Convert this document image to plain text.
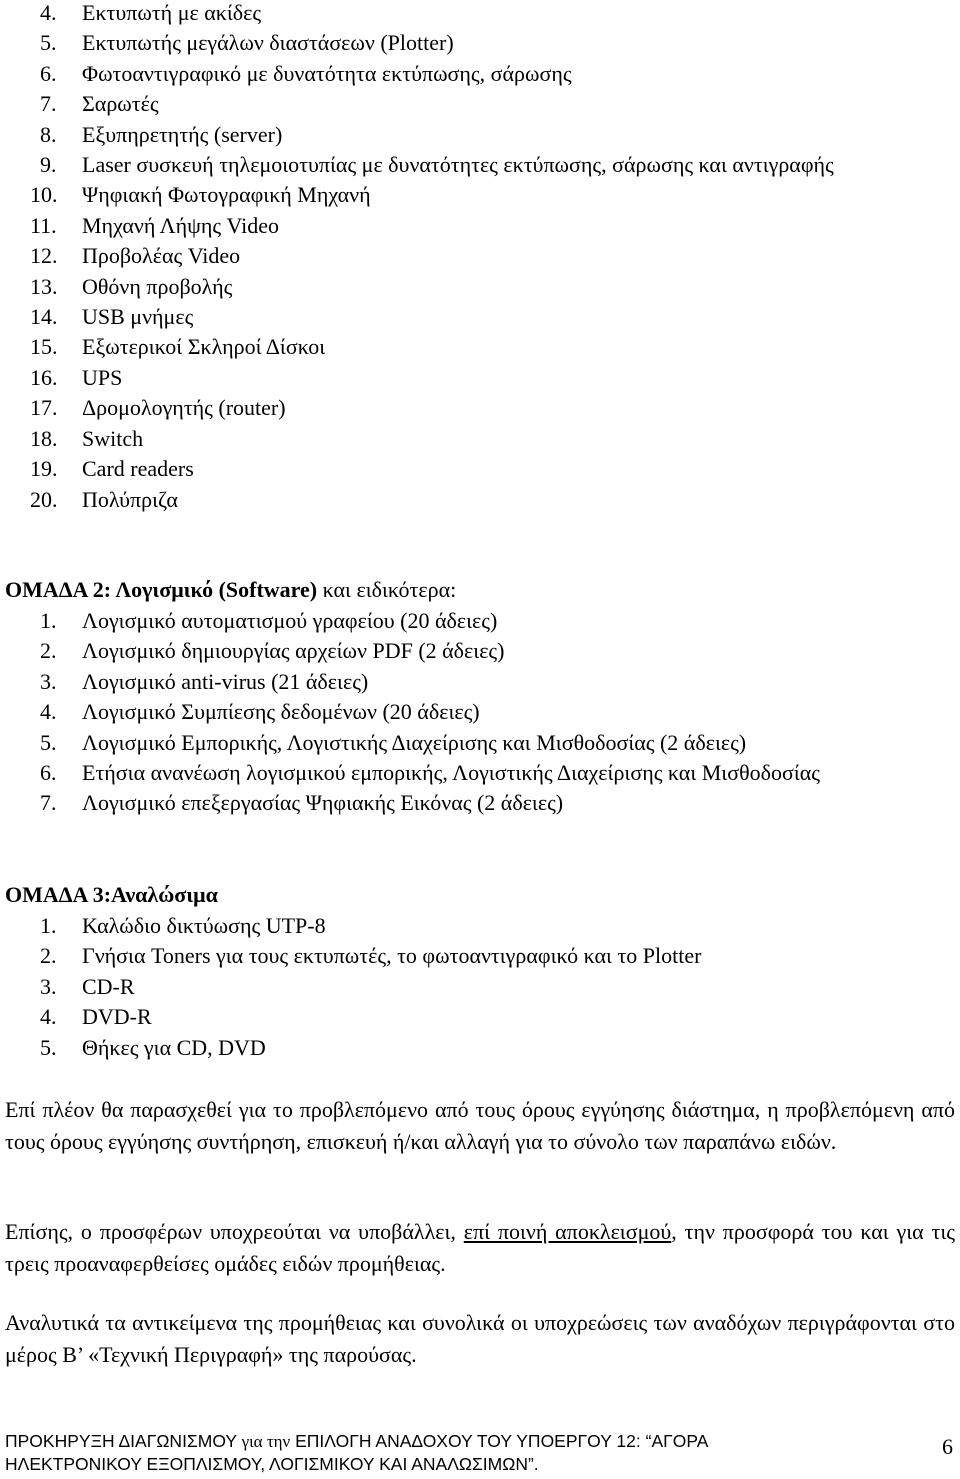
4. Εκτυπωτή με ακίδες
5. Εκτυπωτής μεγάλων διαστάσεων (Plotter)
6. Φωτοαντιγραφικό με δυνατότητα εκτύπωσης, σάρωσης
7. Σαρωτές
8. Εξυπηρετητής (server)
9. Laser συσκευή τηλεμοιοτυπίας με δυνατότητες εκτύπωσης, σάρωσης και αντιγραφής
10. Ψηφιακή Φωτογραφική Μηχανή
11. Μηχανή Λήψης Video
12. Προβολέας Video
13. Οθόνη προβολής
14. USB μνήμες
15. Εξωτερικοί Σκληροί Δίσκοι
16. UPS
17. Δρομολογητής (router)
18. Switch
19. Card readers
20. Πολύπριζα
ΟΜΑΔΑ 2: Λογισμικό (Software) και ειδικότερα:
1. Λογισμικό αυτοματισμού γραφείου (20 άδειες)
2. Λογισμικό δημιουργίας αρχείων PDF (2 άδειες)
3. Λογισμικό anti-virus (21 άδειες)
4. Λογισμικό Συμπίεσης δεδομένων (20 άδειες)
5. Λογισμικό Εμπορικής, Λογιστικής Διαχείρισης και Μισθοδοσίας (2 άδειες)
6. Ετήσια ανανέωση λογισμικού εμπορικής, Λογιστικής Διαχείρισης και Μισθοδοσίας
7. Λογισμικό επεξεργασίας Ψηφιακής Εικόνας (2 άδειες)
ΟΜΑΔΑ 3:Αναλώσιμα
1. Καλώδιο δικτύωσης UTP-8
2. Γνήσια Toners για τους εκτυπωτές, το φωτοαντιγραφικό και το Plotter
3. CD-R
4. DVD-R
5. Θήκες για CD, DVD

Επί πλέον θα παρασχεθεί για το προβλεπόμενο από τους όρους εγγύησης διάστημα, η προβλεπόμενη από τους όρους εγγύησης συντήρηση, επισκευή ή/και αλλαγή για το σύνολο των παραπάνω ειδών.

Επίσης, ο προσφέρων υποχρεούται να υποβάλλει, επί ποινή αποκλεισμού, την προσφορά του και για τις τρεις προαναφερθείσες ομάδες ειδών προμήθειας.

Αναλυτικά τα αντικείμενα της προμήθειας και συνολικά οι υποχρεώσεις των αναδόχων περιγράφονται στο μέρος Β’ «Τεχνική Περιγραφή» της παρούσας.

ΠΡΟΚΗΡΥΞΗ ΔΙΑΓΩΝΙΣΜΟΥ για την ΕΠΙΛΟΓΗ ΑΝΑΔΟΧΟΥ ΤΟΥ ΥΠΟΕΡΓΟΥ 12: “ΑΓΟΡΑ
ΗΛΕΚΤΡΟΝΙΚΟΥ ΕΞΟΠΛΙΣΜΟΥ, ΛΟΓΙΣΜΙΚΟΥ ΚΑΙ ΑΝΑΛΩΣΙΜΩΝ”.
6
